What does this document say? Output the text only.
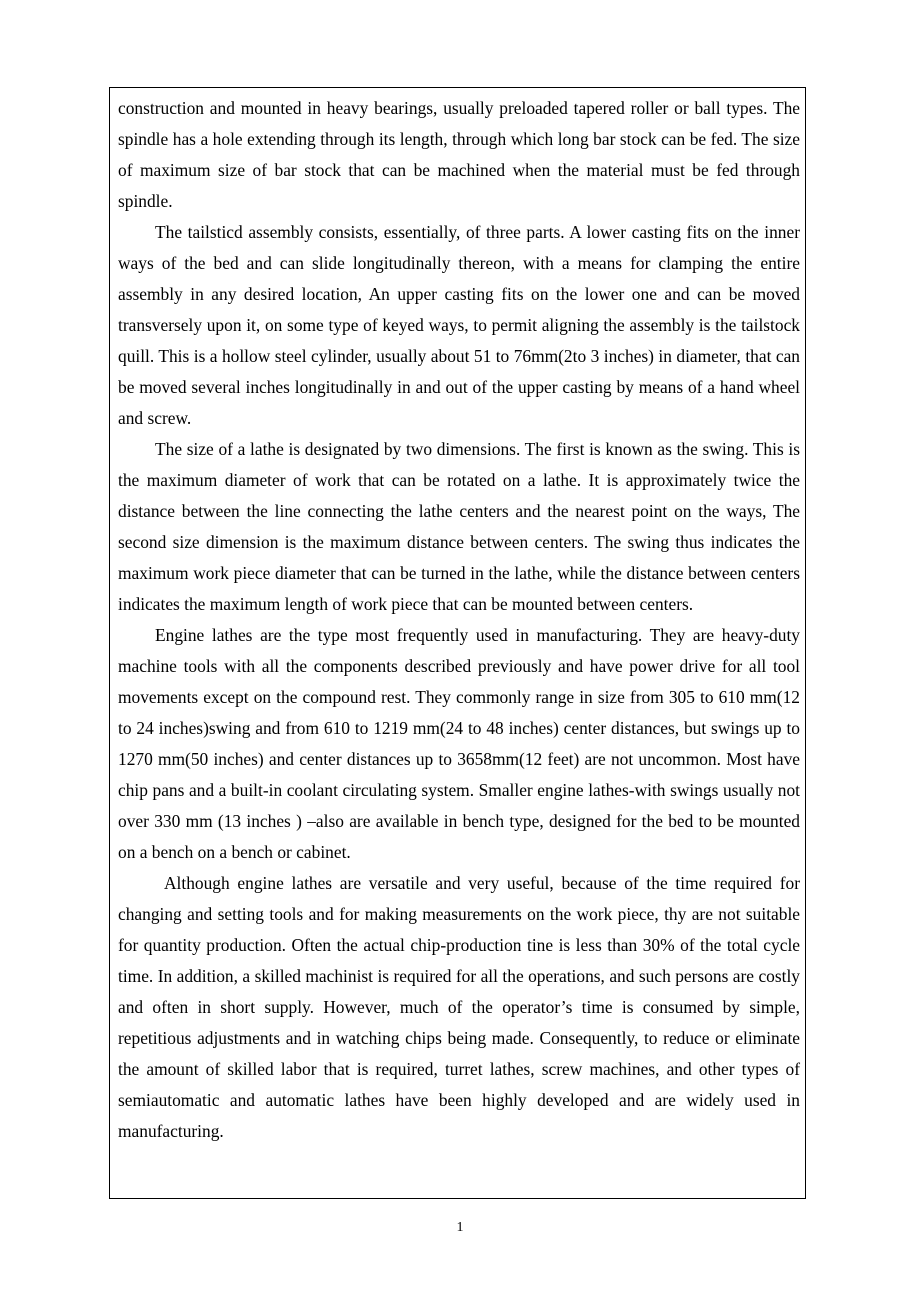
construction and mounted in heavy bearings, usually preloaded tapered roller or ball types. The spindle has a hole extending through its length, through which long bar stock can be fed. The size of maximum size of bar stock that can be machined when the material must be fed through spindle.

The tailsticd assembly consists, essentially, of three parts. A lower casting fits on the inner ways of the bed and can slide longitudinally thereon, with a means for clamping the entire assembly in any desired location, An upper casting fits on the lower one and can be moved transversely upon it, on some type of keyed ways, to permit aligning the assembly is the tailstock quill. This is a hollow steel cylinder, usually about 51 to 76mm(2to 3 inches) in diameter, that can be moved several inches longitudinally in and out of the upper casting by means of a hand wheel and screw.

The size of a lathe is designated by two dimensions. The first is known as the swing. This is the maximum diameter of work that can be rotated on a lathe. It is approximately twice the distance between the line connecting the lathe centers and the nearest point on the ways, The second size dimension is the maximum distance between centers. The swing thus indicates the maximum work piece diameter that can be turned in the lathe, while the distance between centers indicates the maximum length of work piece that can be mounted between centers.

Engine lathes are the type most frequently used in manufacturing. They are heavy-duty machine tools with all the components described previously and have power drive for all tool movements except on the compound rest. They commonly range in size from 305 to 610 mm(12 to 24 inches)swing and from 610 to 1219 mm(24 to 48 inches) center distances, but swings up to 1270 mm(50 inches) and center distances up to 3658mm(12 feet) are not uncommon. Most have chip pans and a built-in coolant circulating system. Smaller engine lathes-with swings usually not over 330 mm (13 inches ) –also are available in bench type, designed for the bed to be mounted on a bench on a bench or cabinet.

Although engine lathes are versatile and very useful, because of the time required for changing and setting tools and for making measurements on the work piece, thy are not suitable for quantity production. Often the actual chip-production tine is less than 30% of the total cycle time. In addition, a skilled machinist is required for all the operations, and such persons are costly and often in short supply. However, much of the operator’s time is consumed by simple, repetitious adjustments and in watching chips being made. Consequently, to reduce or eliminate the amount of skilled labor that is required, turret lathes, screw machines, and other types of semiautomatic and automatic lathes have been highly developed and are widely used in manufacturing.

1
